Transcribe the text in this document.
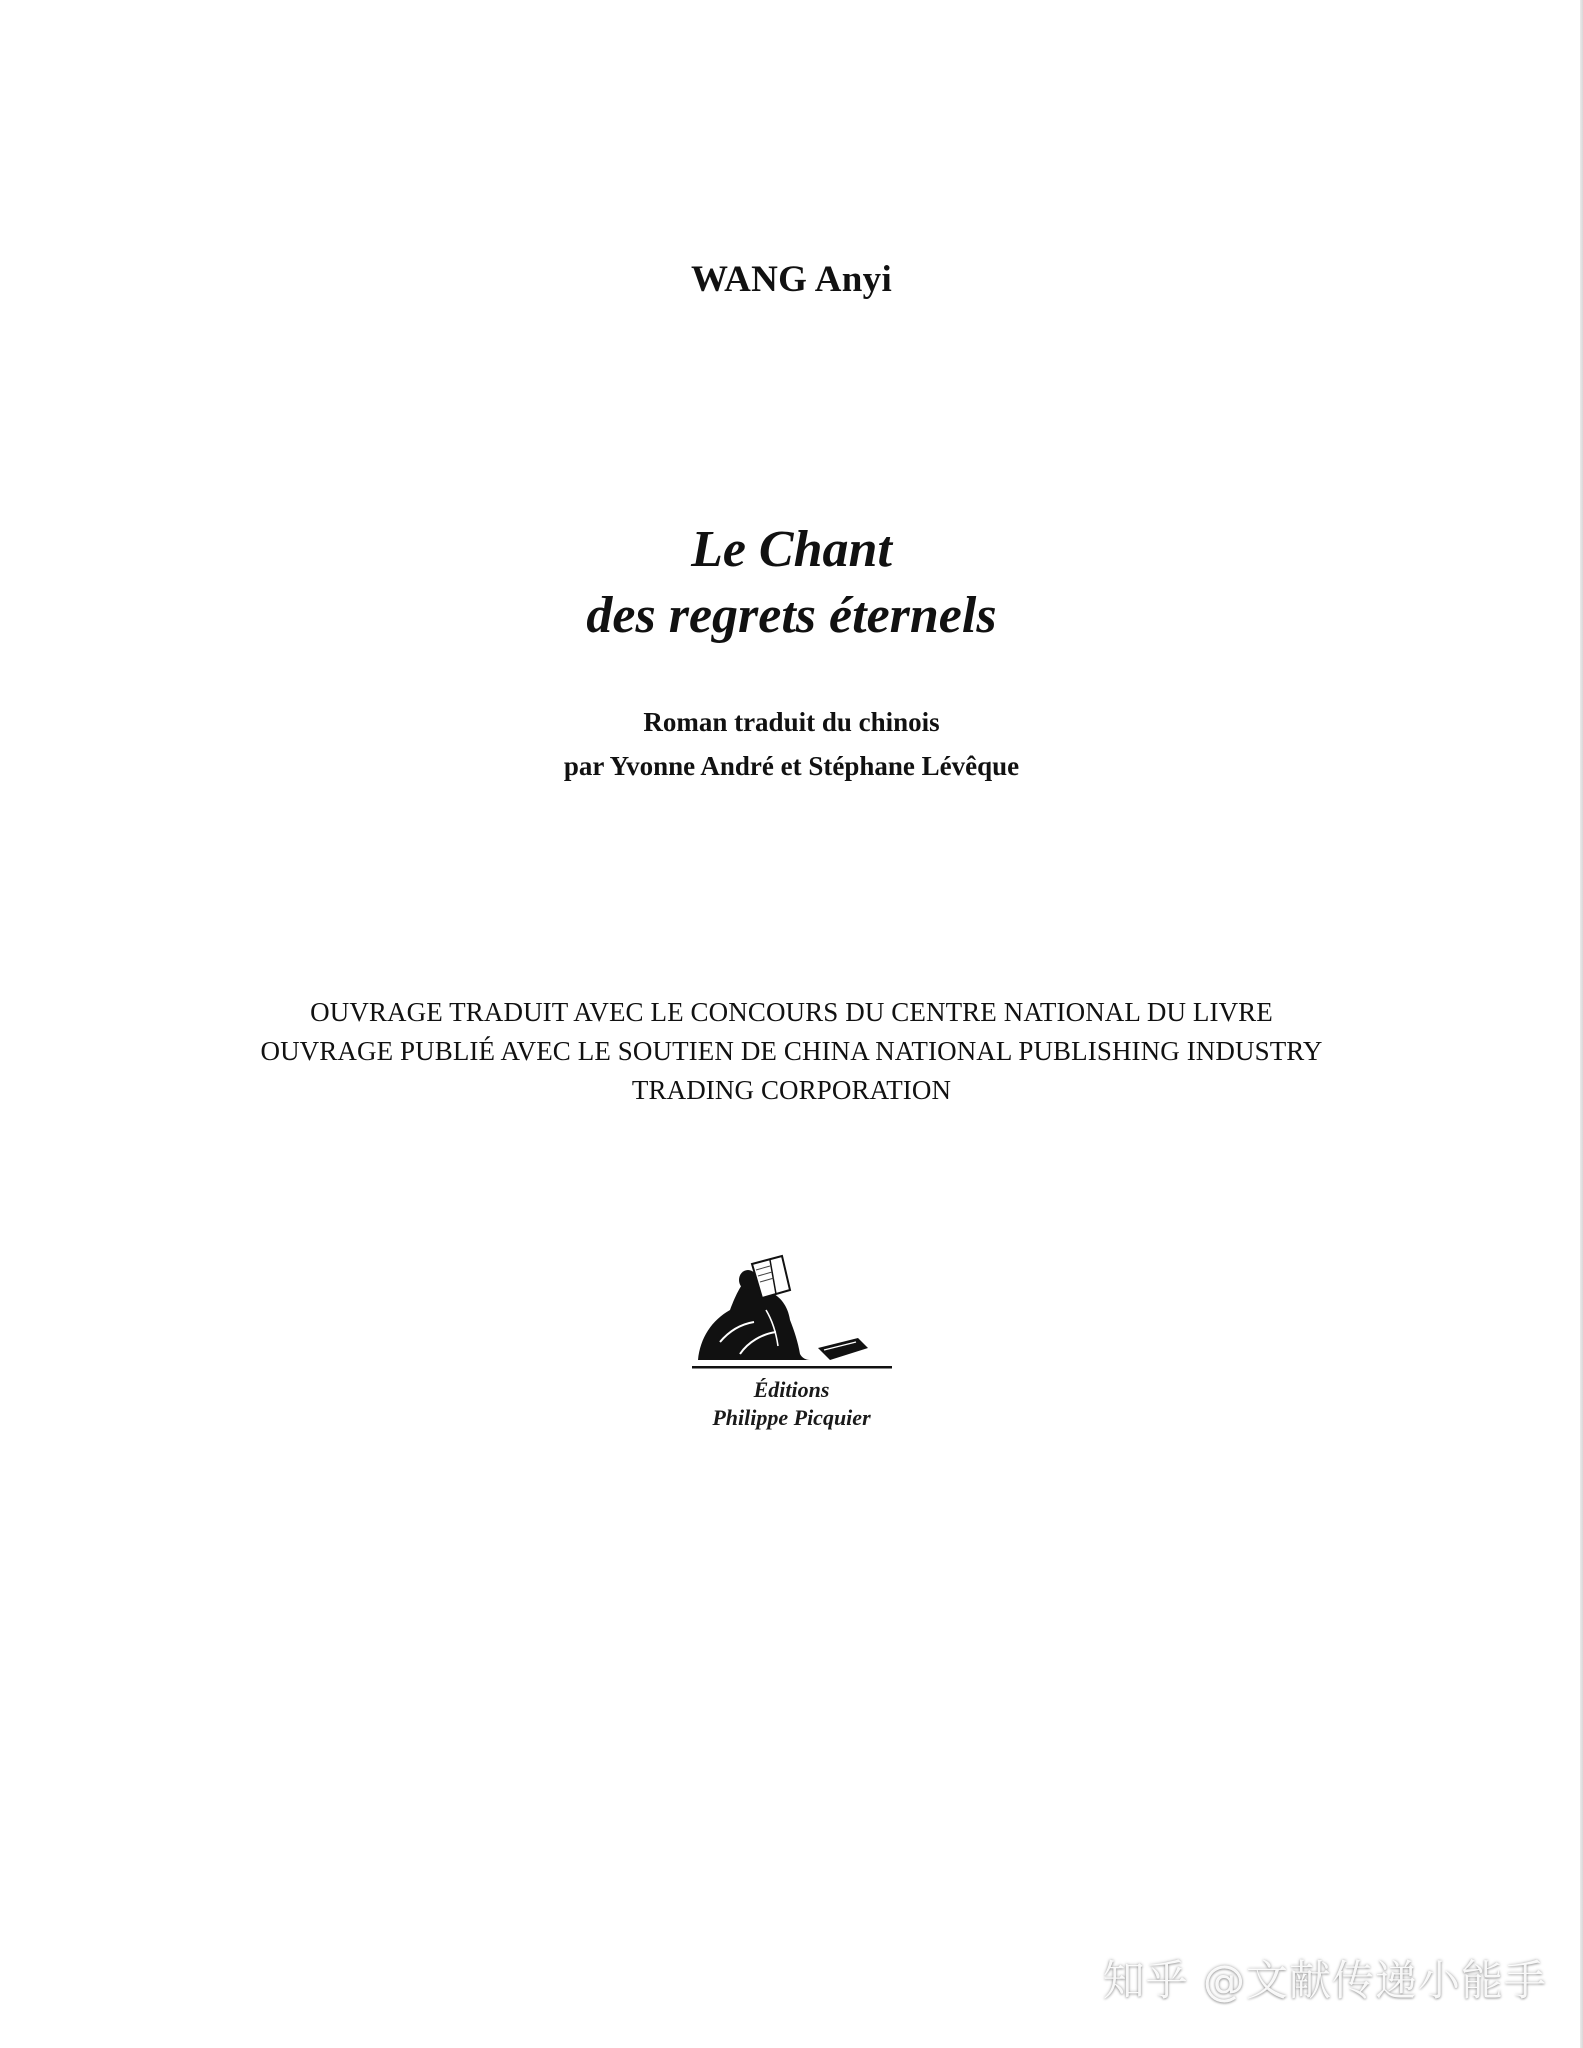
WANG Anyi
Le Chant
des regrets éternels
Roman traduit du chinois
par Yvonne André et Stéphane Lévêque
OUVRAGE TRADUIT AVEC LE CONCOURS DU CENTRE NATIONAL DU LIVRE
OUVRAGE PUBLIÉ AVEC LE SOUTIEN DE CHINA NATIONAL PUBLISHING INDUSTRY
TRADING CORPORATION
Éditions
Philippe Picquier
知乎 @文献传递小能手
